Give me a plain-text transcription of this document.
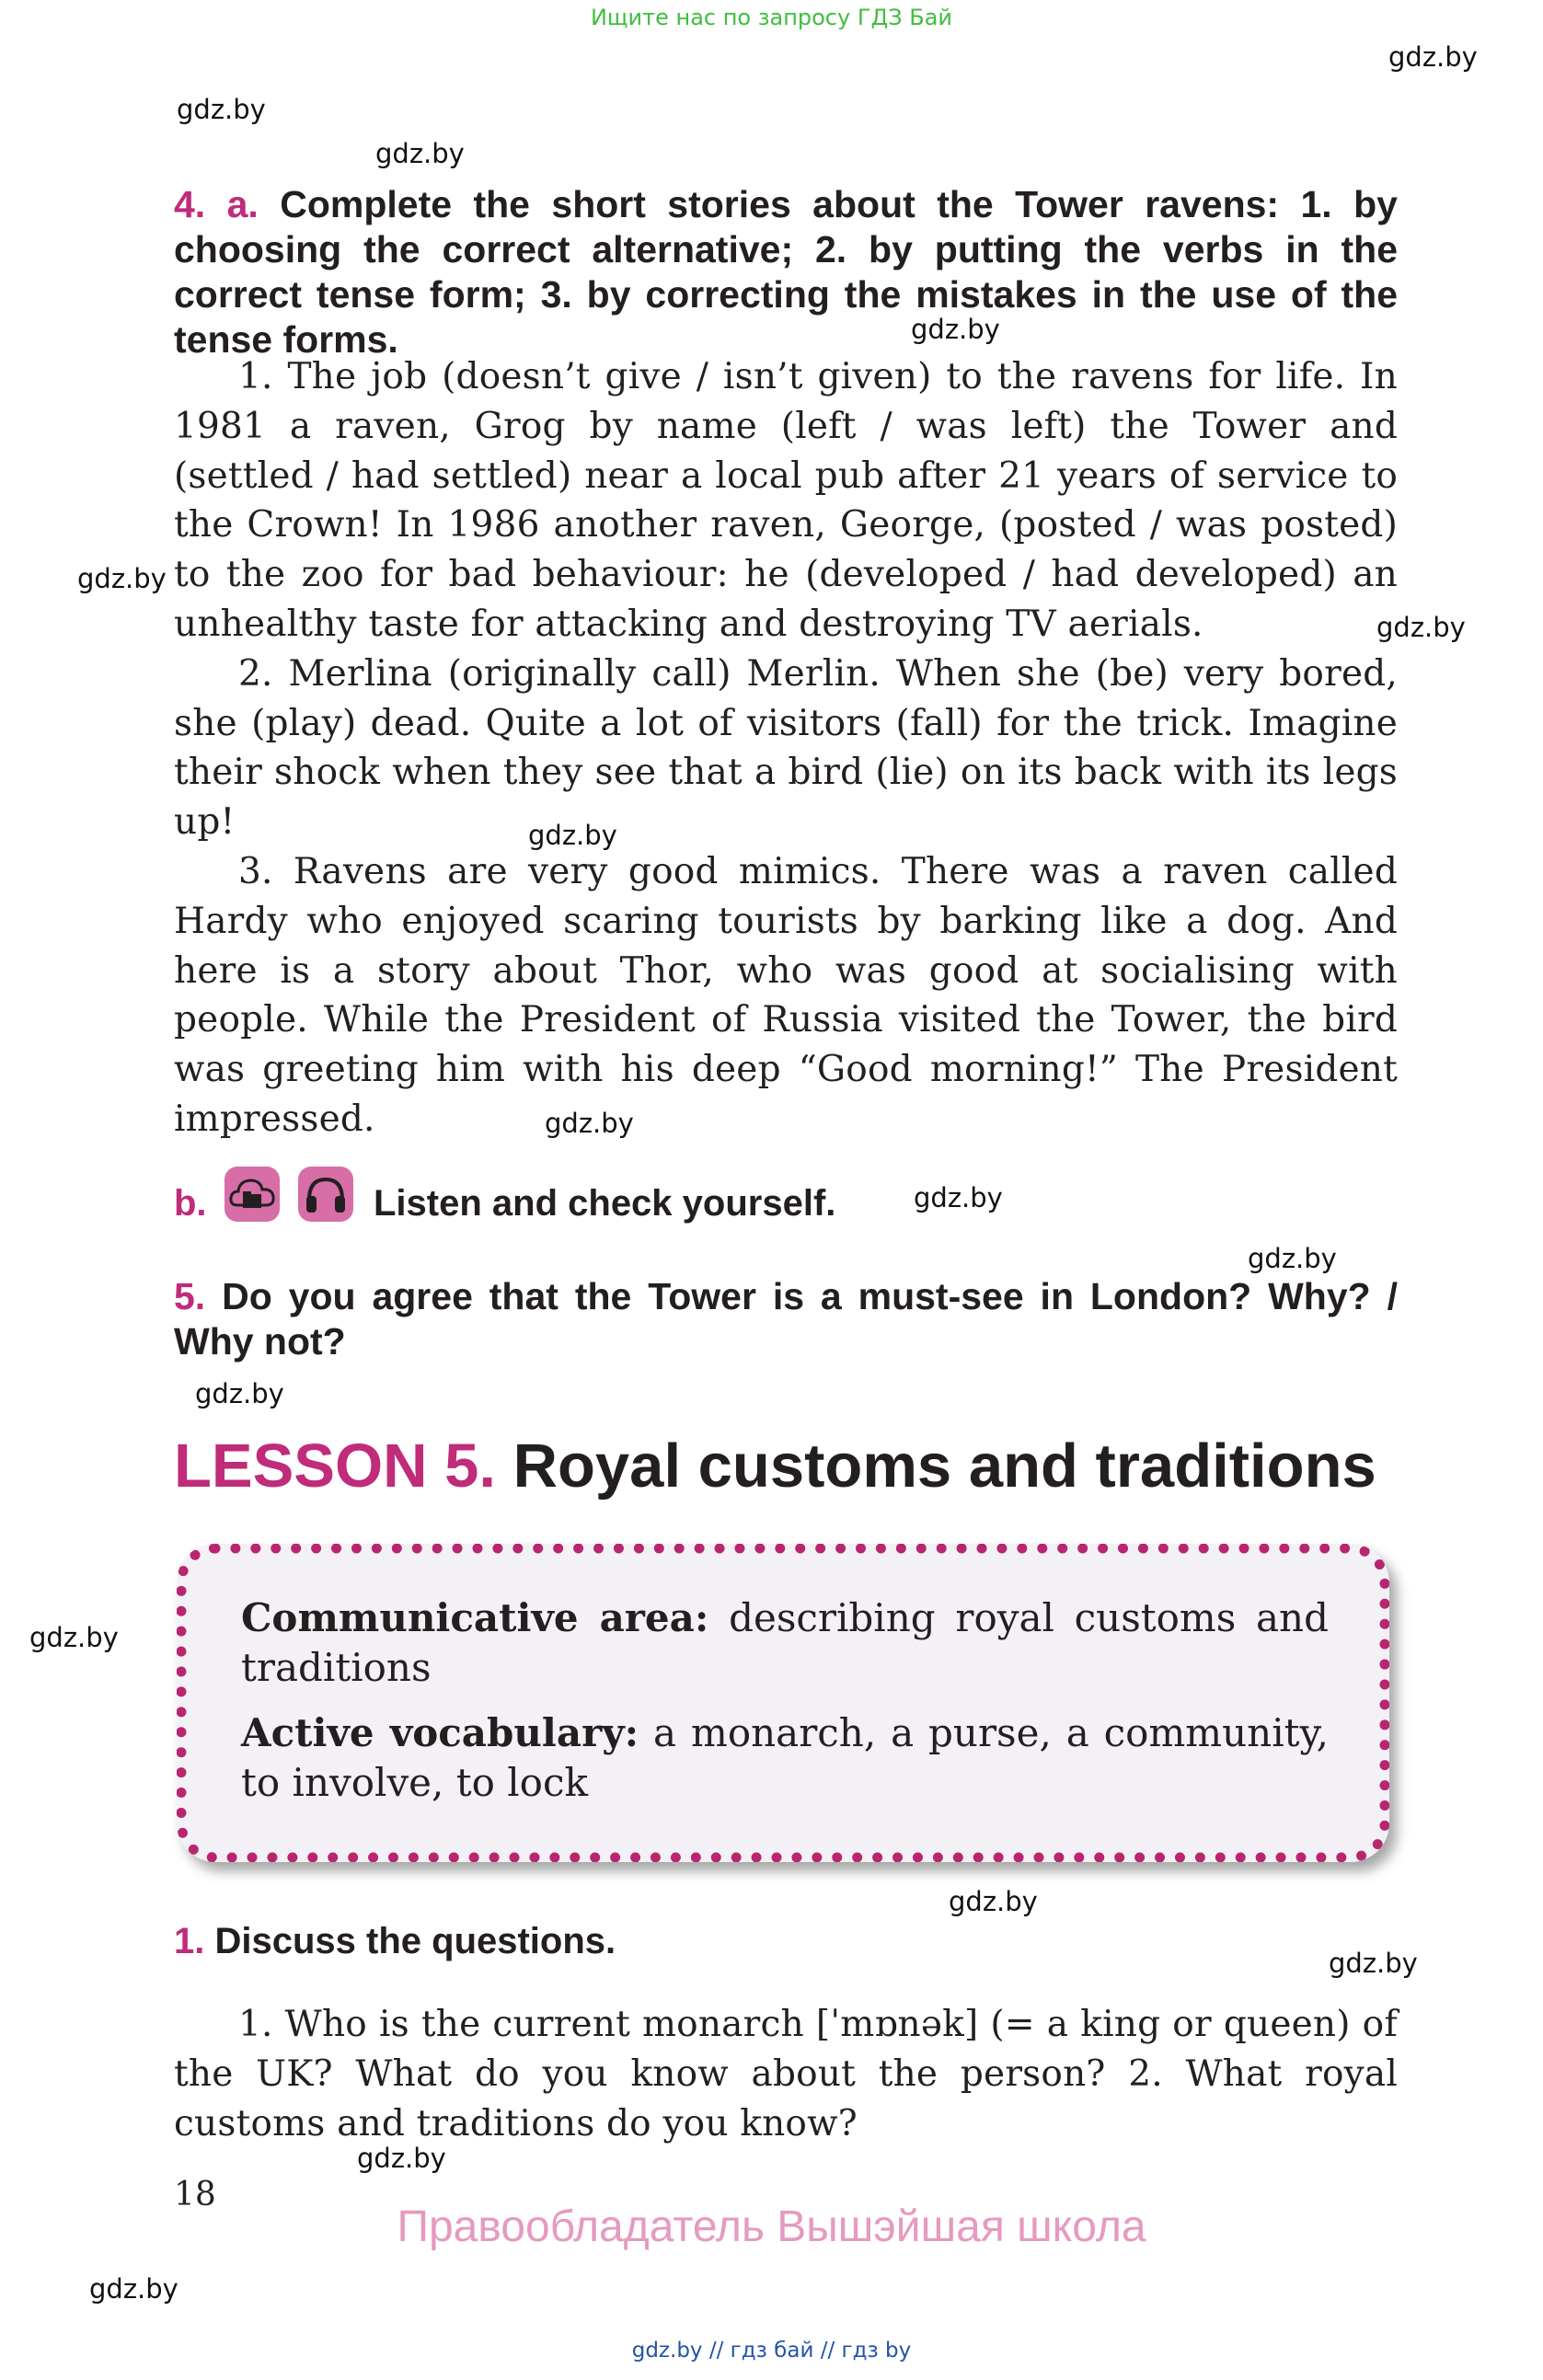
Ищите нас по запросу ГДЗ Бай
gdz.by
gdz.by
gdz.by
gdz.by
gdz.by
gdz.by
gdz.by
gdz.by
gdz.by
gdz.by
gdz.by
gdz.by
gdz.by
gdz.by
gdz.by
gdz.by
4. a. Complete the short stories about the Tower ravens: 1. by choosing the correct alternative; 2. by putting the verbs in the correct tense form; 3. by correcting the mistakes in the use of the tense forms.

1. The job (doesn’t give / isn’t given) to the ravens for life. In 1981 a raven, Grog by name (left / was left) the Tower and (settled / had settled) near a local pub after 21 years of service to the Crown! In 1986 another raven, George, (posted / was posted) to the zoo for bad behaviour: he (developed / had developed) an unhealthy taste for attacking and destroying TV aerials.

2. Merlina (originally call) Merlin. When she (be) very bored, she (play) dead. Quite a lot of visitors (fall) for the trick. Imagine their shock when they see that a bird (lie) on its back with its legs up!

3. Ravens are very good mimics. There was a raven called Hardy who enjoyed scaring tourists by barking like a dog. And here is a story about Thor, who was good at socialising with people. While the President of Russia visited the Tower, the bird was greeting him with his deep “Good morning!” The President impressed.

b.	Listen and check yourself.
5. Do you agree that the Tower is a must-see in London? Why? / Why not?
LESSON 5. Royal customs and traditions
Communicative area: describing royal customs and traditions
Active vocabulary: a monarch, a purse, a community, to involve, to lock
1. Discuss the questions.

1. Who is the current monarch [ˈmɒnək] (= a king or queen) of the UK? What do you know about the person? 2. What royal customs and traditions do you know?

18
Правообладатель Вышэйшая школа
gdz.by // гдз бай // гдз by
